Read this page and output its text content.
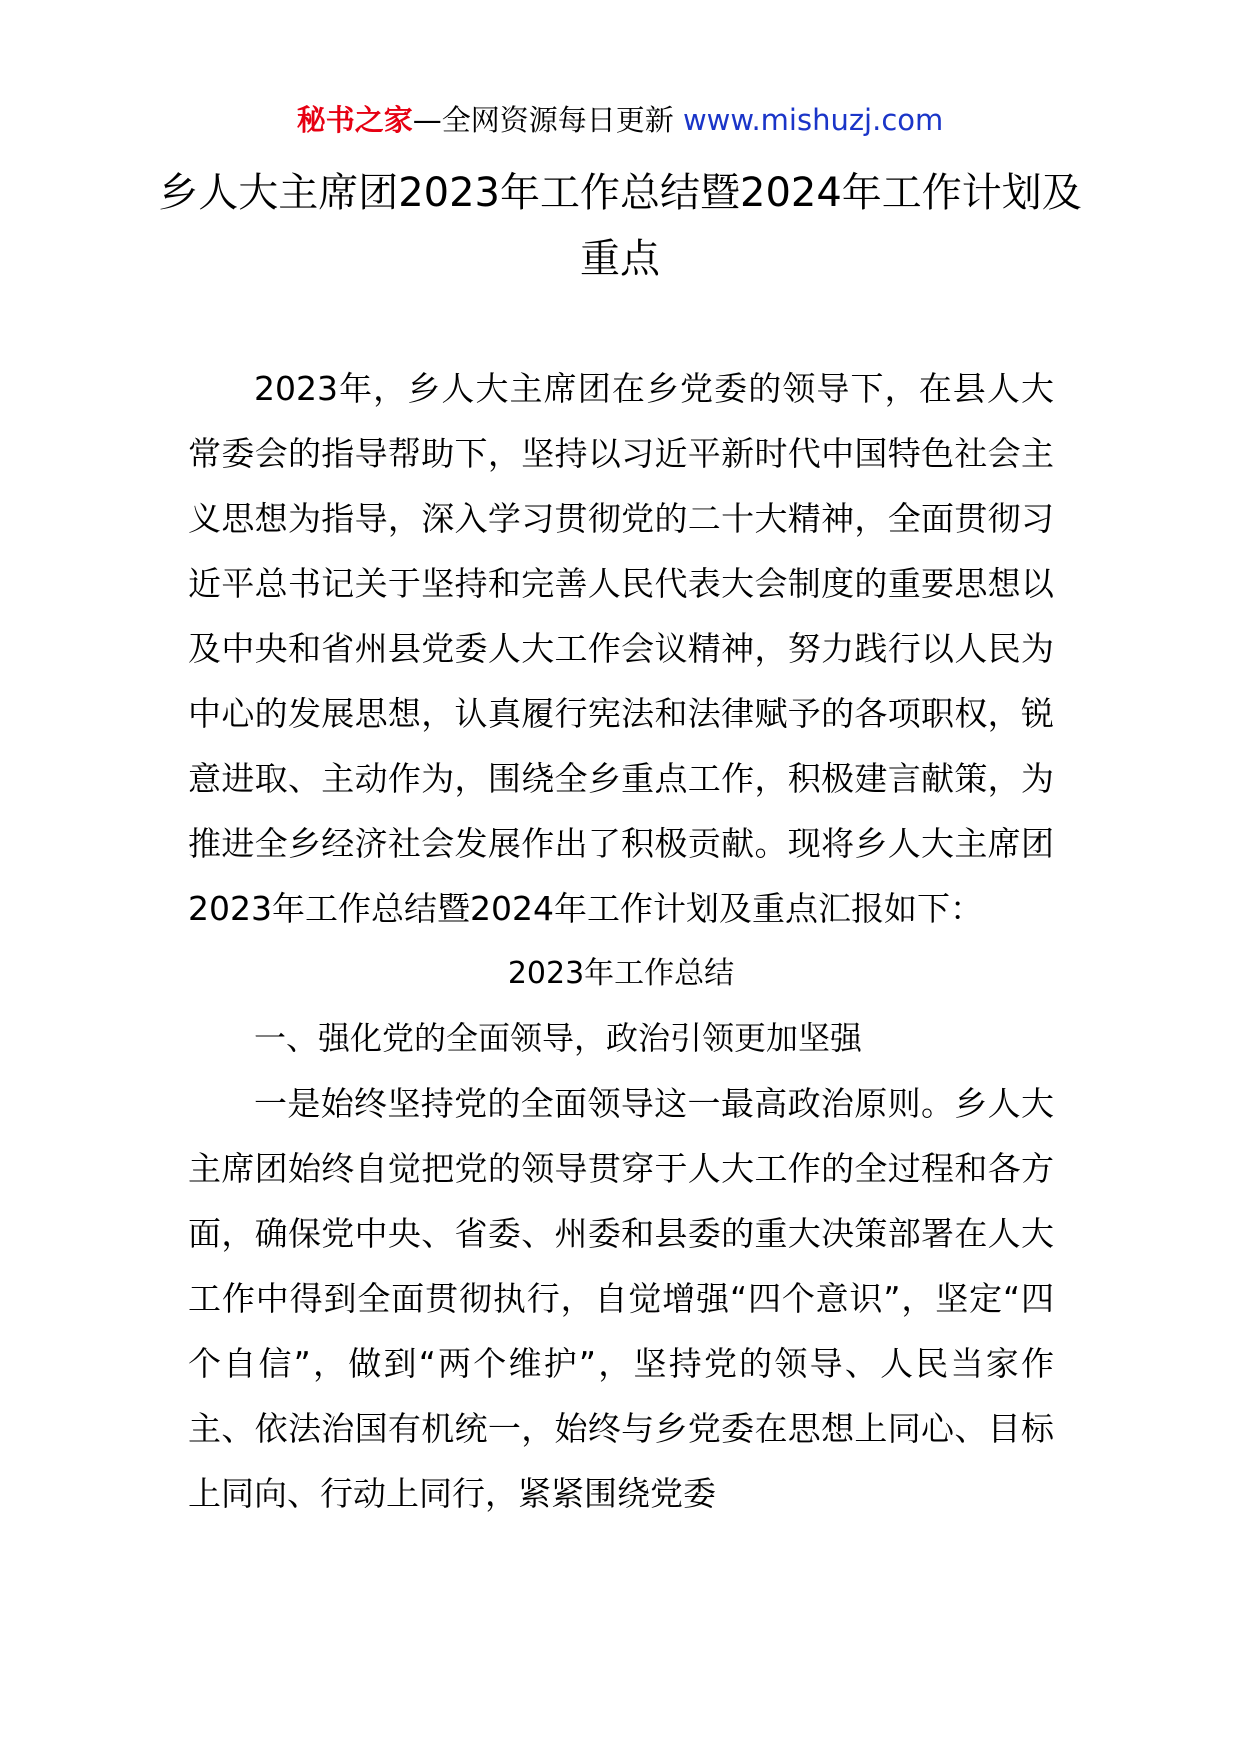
秘书之家—全网资源每日更新 www.mishuzj.com
乡人大主席团2023年工作总结暨2024年工作计划及重点

2023年，乡人大主席团在乡党委的领导下，在县人大常委会的指导帮助下，坚持以习近平新时代中国特色社会主义思想为指导，深入学习贯彻党的二十大精神，全面贯彻习近平总书记关于坚持和完善人民代表大会制度的重要思想以及中央和省州县党委人大工作会议精神，努力践行以人民为中心的发展思想，认真履行宪法和法律赋予的各项职权，锐意进取、主动作为，围绕全乡重点工作，积极建言献策，为推进全乡经济社会发展作出了积极贡献。现将乡人大主席团2023年工作总结暨2024年工作计划及重点汇报如下：

2023年工作总结

一、强化党的全面领导，政治引领更加坚强

一是始终坚持党的全面领导这一最高政治原则。乡人大主席团始终自觉把党的领导贯穿于人大工作的全过程和各方面，确保党中央、省委、州委和县委的重大决策部署在人大工作中得到全面贯彻执行，自觉增强“四个意识”，坚定“四个自信”，做到“两个维护”，坚持党的领导、人民当家作主、依法治国有机统一，始终与乡党委在思想上同心、目标上同向、行动上同行，紧紧围绕党委
